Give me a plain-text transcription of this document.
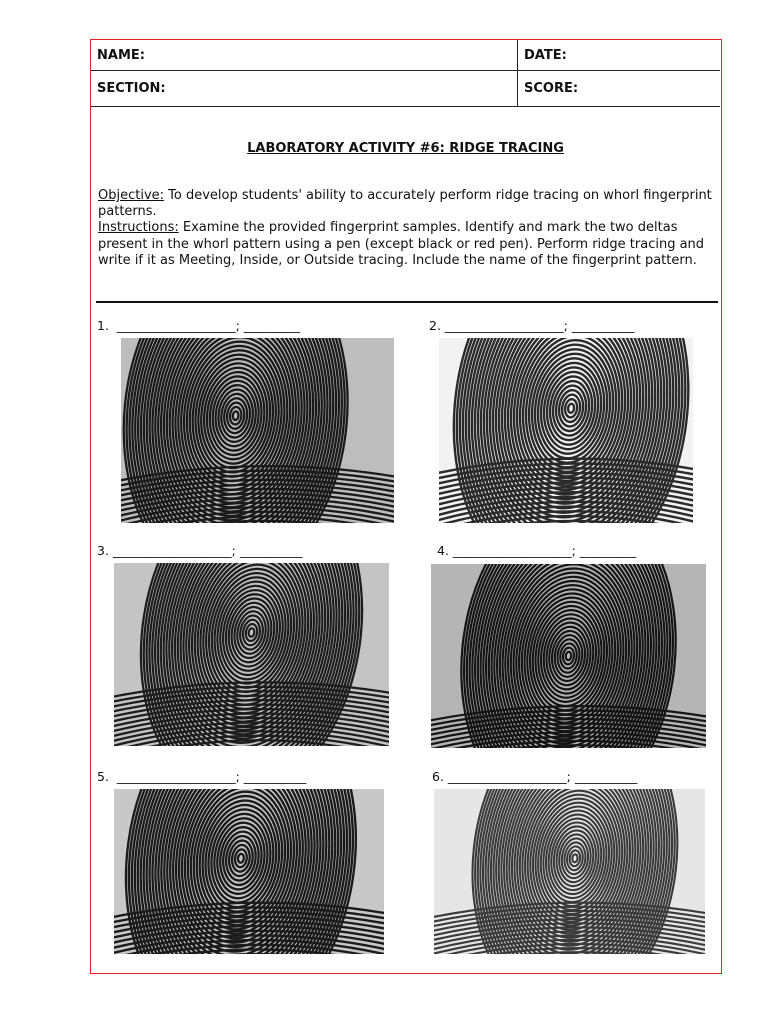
NAME:	DATE:
SECTION:	SCORE:
LABORATORY ACTIVITY #6: RIDGE TRACING
Objective: To develop students' ability to accurately perform ridge tracing on whorl fingerprint patterns.
Instructions: Examine the provided fingerprint samples. Identify and mark the two deltas present in the whorl pattern using a pen (except black or red pen). Perform ridge tracing and write if it as Meeting, Inside, or Outside tracing. Include the name of the fingerprint pattern.
1.  ___________________; _________	2. ___________________; __________
3. ___________________; __________	4. ___________________; _________
5.  ___________________; __________	6. ___________________; __________
